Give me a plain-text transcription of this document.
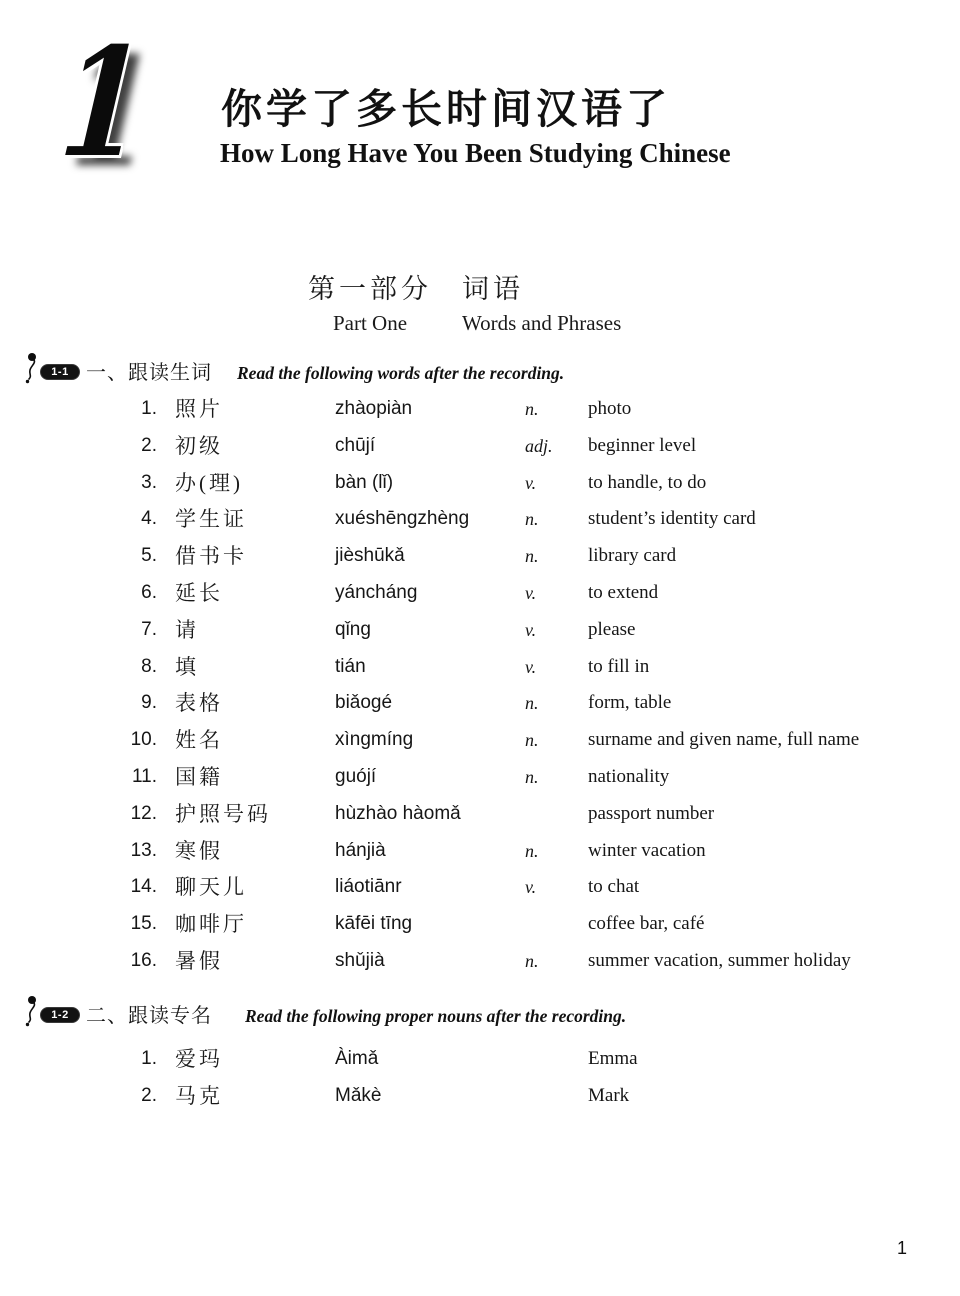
1 你学了多长时间汉语了
How Long Have You Been Studying Chinese
第一部分
Part One
词语
Words and Phrases
1-1 一、跟读生词 Read the following words after the recording.
1. 照片	zhàopiàn	n.	photo
2. 初级	chūjí	adj.	beginner level
3. 办(理)	bàn (lǐ)	v.	to handle, to do
4. 学生证	xuéshēngzhèng	n.	student’s identity card
5. 借书卡	jièshūkǎ	n.	library card
6. 延长	yáncháng	v.	to extend
7. 请	qǐng	v.	please
8. 填	tián	v.	to fill in
9. 表格	biǎogé	n.	form, table
10. 姓名	xìngmíng	n.	surname and given name, full name
11. 国籍	guójí	n.	nationality
12. 护照号码	hùzhào hàomǎ	passport number
13. 寒假	hánjià	n.	winter vacation
14. 聊天儿	liáotiānr	v.	to chat
15. 咖啡厅	kāfēi tīng	coffee bar, café
16. 暑假	shǔjià	n.	summer vacation, summer holiday
1-2 二、跟读专名 Read the following proper nouns after the recording.
1. 爱玛	Àimǎ	Emma
2. 马克	Mǎkè	Mark
1
